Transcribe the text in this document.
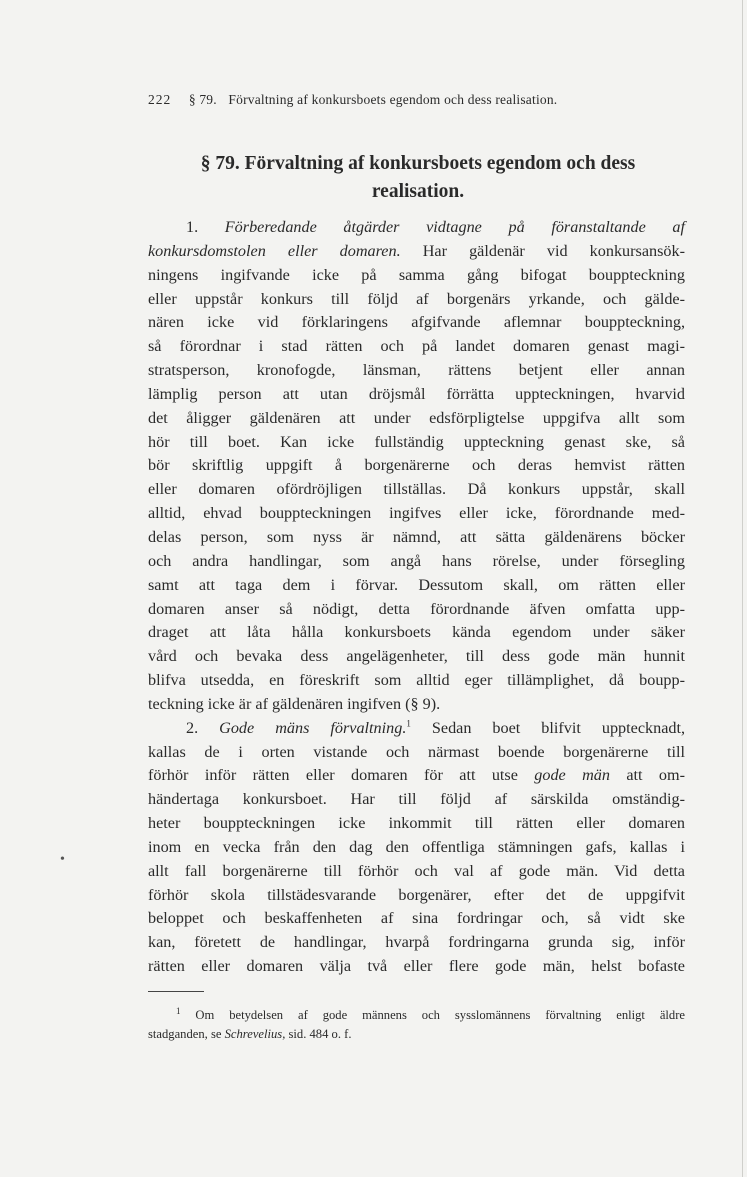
222 § 79. Förvaltning af konkursboets egendom och dess realisation.
§ 79. Förvaltning af konkursboets egendom och dess
realisation.
1. Förberedande åtgärder vidtagne på föranstaltande af
konkursdomstolen eller domaren. Har gäldenär vid konkursansök-
ningens ingifvande icke på samma gång bifogat bouppteckning
eller uppstår konkurs till följd af borgenärs yrkande, och gälde-
nären icke vid förklaringens afgifvande aflemnar bouppteckning,
så förordnar i stad rätten och på landet domaren genast magi-
stratsperson, kronofogde, länsman, rättens betjent eller annan
lämplig person att utan dröjsmål förrätta uppteckningen, hvarvid
det åligger gäldenären att under edsförpligtelse uppgifva allt som
hör till boet. Kan icke fullständig uppteckning genast ske, så
bör skriftlig uppgift å borgenärerne och deras hemvist rätten
eller domaren ofördröjligen tillställas. Då konkurs uppstår, skall
alltid, ehvad bouppteckningen ingifves eller icke, förordnande med-
delas person, som nyss är nämnd, att sätta gäldenärens böcker
och andra handlingar, som angå hans rörelse, under försegling
samt att taga dem i förvar. Dessutom skall, om rätten eller
domaren anser så nödigt, detta förordnande äfven omfatta upp-
draget att låta hålla konkursboets kända egendom under säker
vård och bevaka dess angelägenheter, till dess gode män hunnit
blifva utsedda, en föreskrift som alltid eger tillämplighet, då boupp-
teckning icke är af gäldenären ingifven (§ 9).
2. Gode mäns förvaltning.$^1$ Sedan boet blifvit upptecknadt,
kallas de i orten vistande och närmast boende borgenärerne till
förhör inför rätten eller domaren för att utse gode män att om-
händertaga konkursboet. Har till följd af särskilda omständig-
heter bouppteckningen icke inkommit till rätten eller domaren
inom en vecka från den dag den offentliga stämningen gafs, kallas i
allt fall borgenärerne till förhör och val af gode män. Vid detta
förhör skola tillstädesvarande borgenärer, efter det de uppgifvit
beloppet och beskaffenheten af sina fordringar och, så vidt ske
kan, företett de handlingar, hvarpå fordringarna grunda sig, inför
rätten eller domaren välja två eller flere gode män, helst bofaste
•
$^1$ Om betydelsen af gode männens och sysslomännens förvaltning enligt äldre
stadganden, se Schrevelius, sid. 484 o. f.
